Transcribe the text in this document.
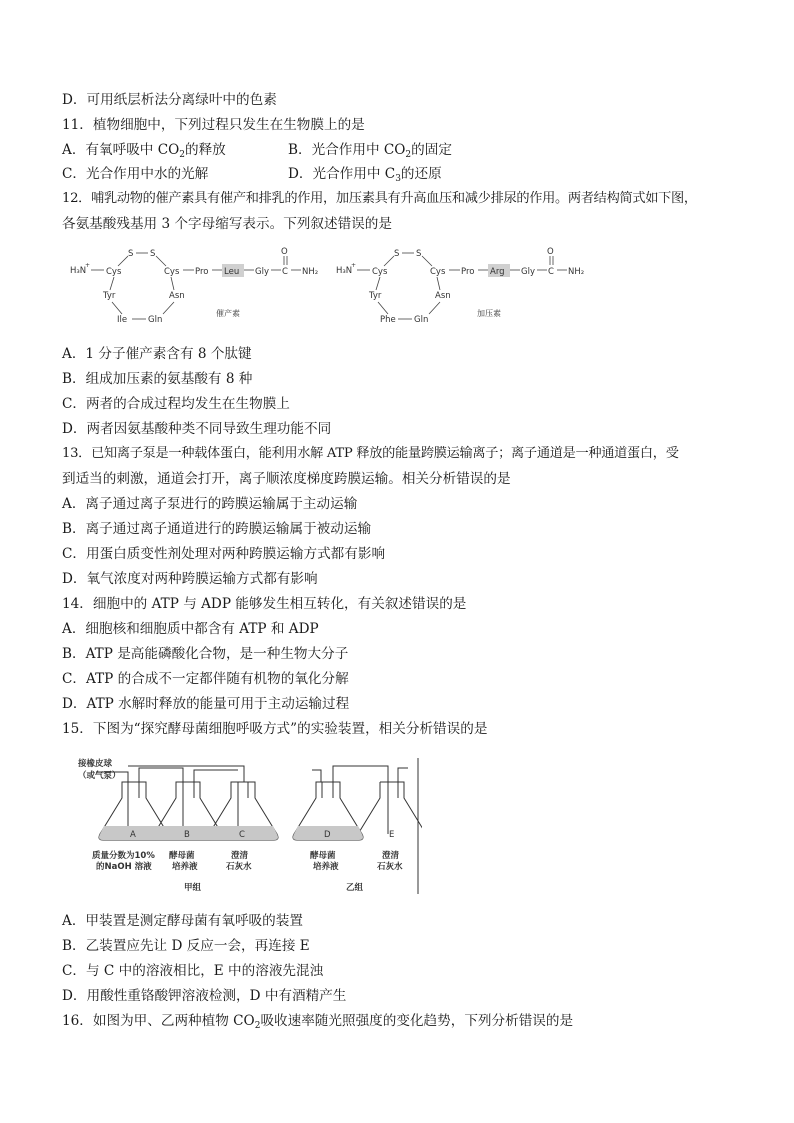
D．可用纸层析法分离绿叶中的色素
11．植物细胞中，下列过程只发生在生物膜上的是
A．有氧呼吸中 $CO_2$的释放	B．光合作用中 $CO_2$的固定
C．光合作用中水的光解	D．光合作用中 $C_3$的还原
12．哺乳动物的催产素具有催产和排乳的作用，加压素具有升高血压和减少排尿的作用。两者结构简式如下图，
各氨基酸残基用 3 个字母缩写表示。下列叙述错误的是
H₃N
+
Cys
S S
Cys
Tyr	Asn
Ile Gln
Pro Leu Gly C
O
NH₂
催产素
H₃N
+
Cys
S S
Cys
Tyr	Asn
Phe Gln
Pro Arg Gly C
O
NH₂
加压素
A．1 分子催产素含有 8 个肽键
B．组成加压素的氨基酸有 8 种
C．两者的合成过程均发生在生物膜上
D．两者因氨基酸种类不同导致生理功能不同
13．已知离子泵是一种载体蛋白，能利用水解 ATP 释放的能量跨膜运输离子；离子通道是一种通道蛋白，受
到适当的刺激，通道会打开，离子顺浓度梯度跨膜运输。相关分析错误的是
A．离子通过离子泵进行的跨膜运输属于主动运输
B．离子通过离子通道进行的跨膜运输属于被动运输
C．用蛋白质变性剂处理对两种跨膜运输方式都有影响
D．氧气浓度对两种跨膜运输方式都有影响
14．细胞中的 ATP 与 ADP 能够发生相互转化，有关叙述错误的是
A．细胞核和细胞质中都含有 ATP 和 ADP
B．ATP 是高能磷酸化合物，是一种生物大分子
C．ATP 的合成不一定都伴随有机物的氧化分解
D．ATP 水解时释放的能量可用于主动运输过程
15．下图为“探究酵母菌细胞呼吸方式”的实验装置，相关分析错误的是
接橡皮球
（或气泵）
A	B	C	D	E
质量分数为10%
的NaOH 溶液
酵母菌
培养液
澄清
石灰水
酵母菌
培养液
澄清
石灰水
甲组	乙组
A．甲装置是测定酵母菌有氧呼吸的装置
B．乙装置应先让 D 反应一会，再连接 E
C．与 C 中的溶液相比，E 中的溶液先混浊
D．用酸性重铬酸钾溶液检测，D 中有酒精产生
16．如图为甲、乙两种植物 $CO_2$吸收速率随光照强度的变化趋势，下列分析错误的是
